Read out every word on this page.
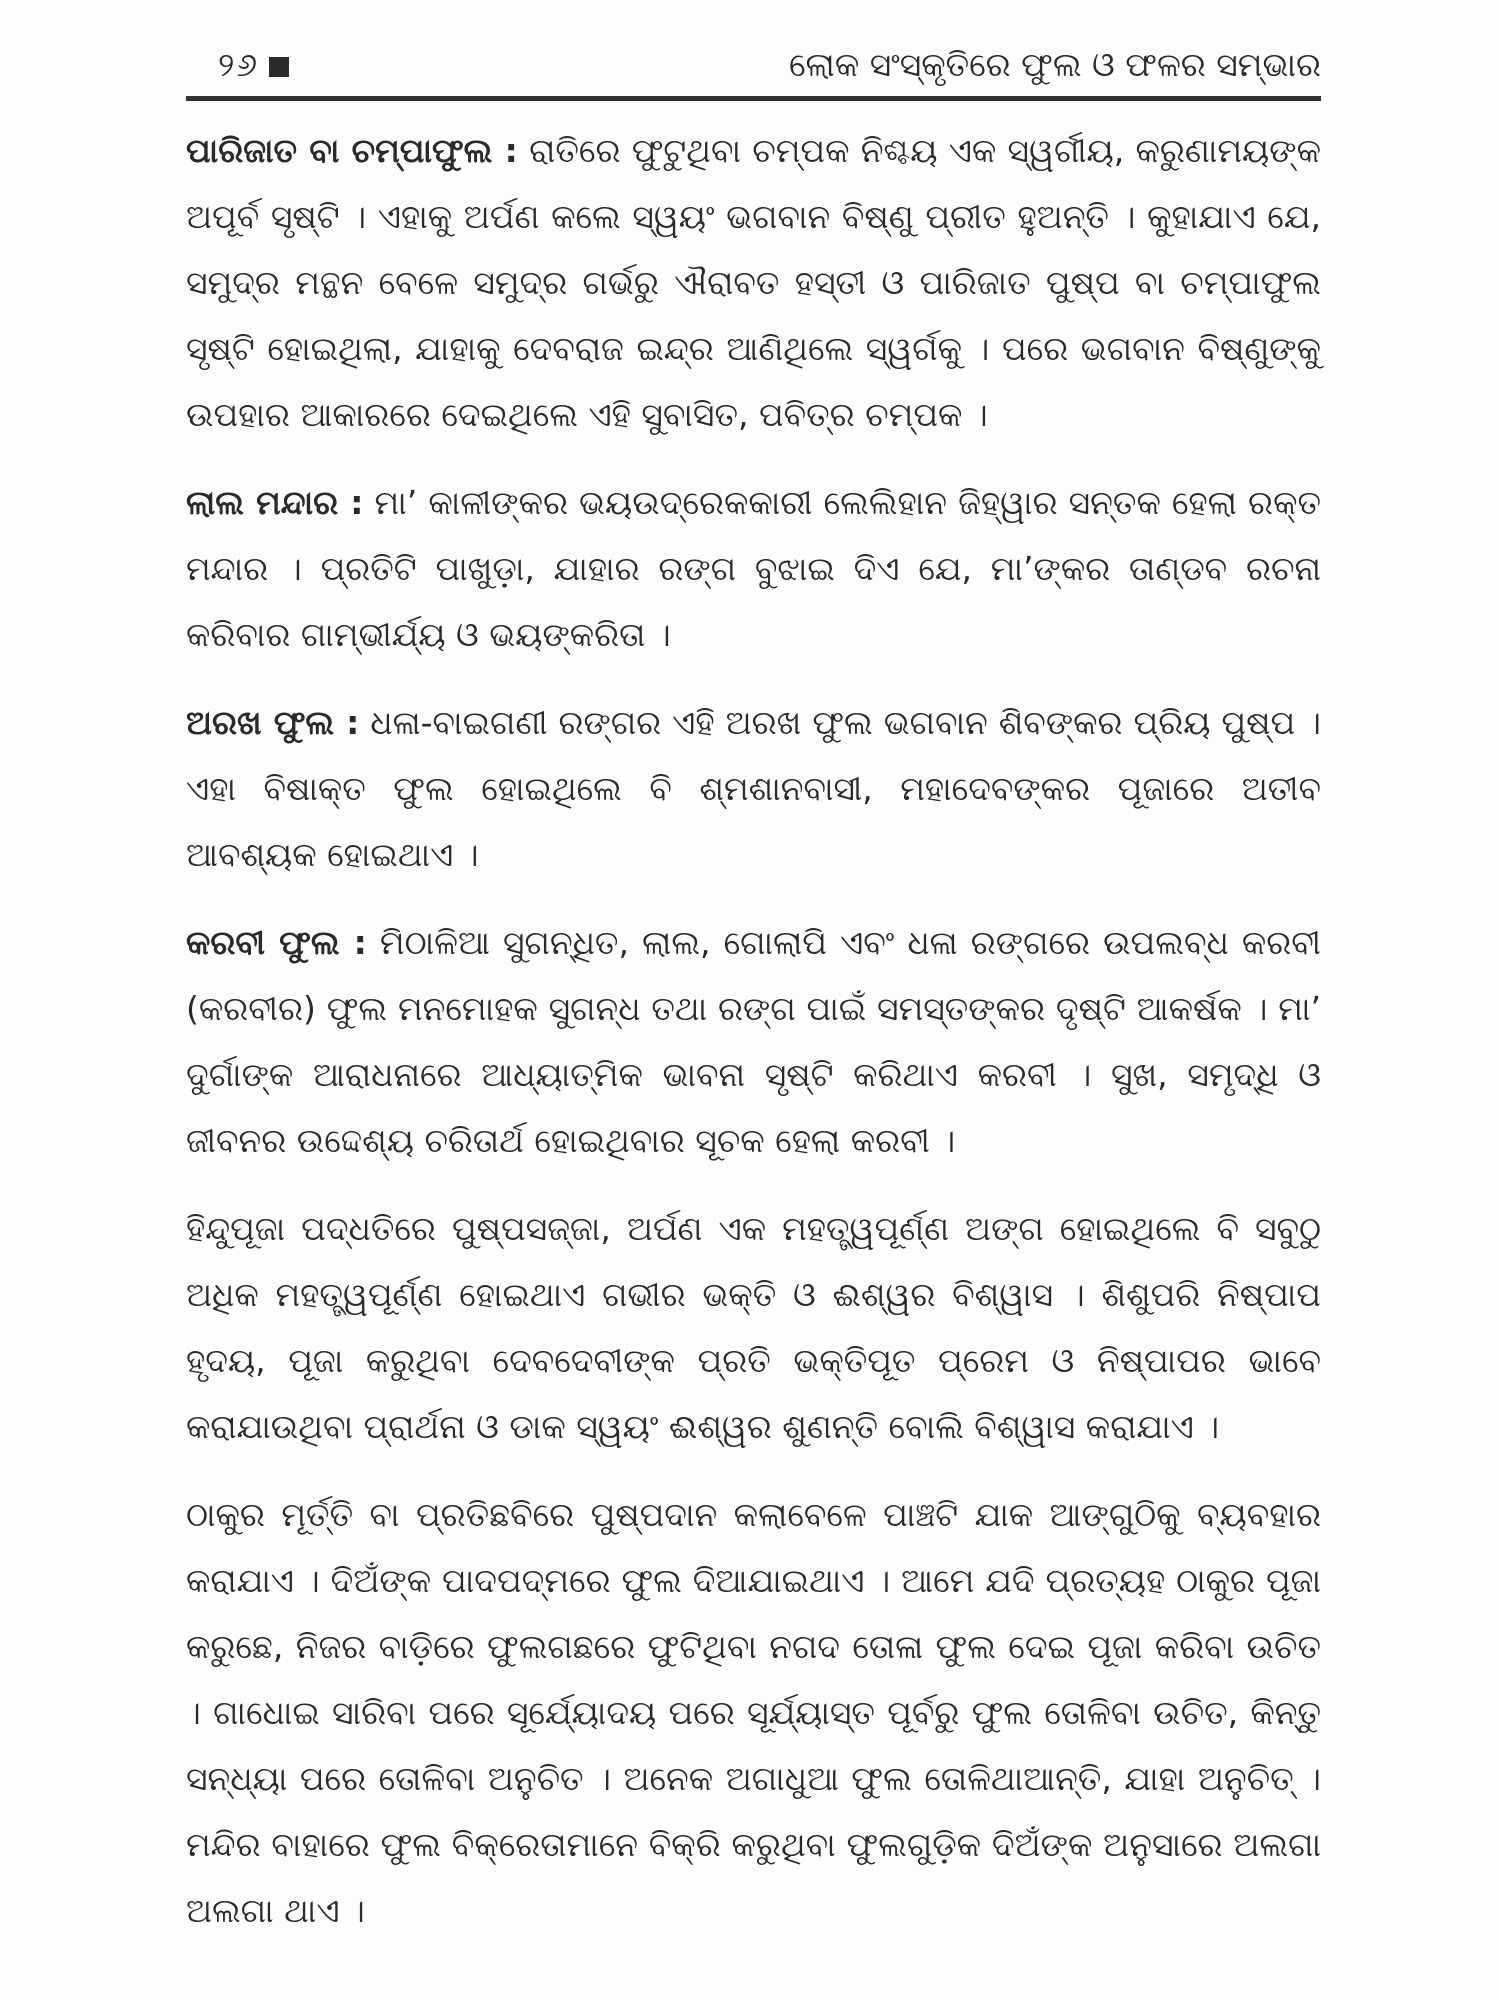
୨୬	ଲୋକ ସଂସ୍କୃତିରେ ଫୁଲ ଓ ଫଳର ସମ୍ଭାର

ପାରିଜାତ ବା ଚମ୍ପାଫୁଲ : ରାତିରେ ଫୁଟୁଥିବା ଚମ୍ପକ ନିଶ୍ଚୟ ଏକ ସ୍ୱର୍ଗୀୟ, କରୁଣାମୟଙ୍କ ଅପୂର୍ବ ସୃଷ୍ଟି । ଏହାକୁ ଅର୍ପଣ କଲେ ସ୍ୱୟଂ ଭଗବାନ ବିଷ୍ଣୁ ପ୍ରୀତ ହୁଅନ୍ତି । କୁହାଯାଏ ଯେ, ସମୁଦ୍ର ମନ୍ଥନ ବେଳେ ସମୁଦ୍ର ଗର୍ଭରୁ ଐରାବତ ହସ୍ତୀ ଓ ପାରିଜାତ ପୁଷ୍ପ ବା ଚମ୍ପାଫୁଲ ସୃଷ୍ଟି ହୋଇଥିଲା, ଯାହାକୁ ଦେବରାଜ ଇନ୍ଦ୍ର ଆଣିଥିଲେ ସ୍ୱର୍ଗକୁ । ପରେ ଭଗବାନ ବିଷ୍ଣୁଙ୍କୁ ଉପହାର ଆକାରରେ ଦେଇଥିଲେ ଏହି ସୁବାସିତ, ପବିତ୍ର ଚମ୍ପକ ।

ଲାଲ ମନ୍ଦାର : ମା’ କାଳୀଙ୍କର ଭୟଉଦ୍ରେକକାରୀ ଲେଲିହାନ ଜିହ୍ୱାର ସନ୍ତକ ହେଲା ରକ୍ତ ମନ୍ଦାର । ପ୍ରତିଟି ପାଖୁଡ଼ା, ଯାହାର ରଙ୍ଗ ବୁଝାଇ ଦିଏ ଯେ, ମା’ଙ୍କର ତାଣ୍ଡବ ରଚନା କରିବାର ଗାମ୍ଭୀର୍ଯ୍ୟ ଓ ଭୟଙ୍କରିତା ।

ଅରଖ ଫୁଲ : ଧଳା-ବାଇଗଣୀ ରଙ୍ଗର ଏହି ଅରଖ ଫୁଲ ଭଗବାନ ଶିବଙ୍କର ପ୍ରିୟ ପୁଷ୍ପ । ଏହା ବିଷାକ୍ତ ଫୁଲ ହୋଇଥିଲେ ବି ଶ୍ମଶାନବାସୀ, ମହାଦେବଙ୍କର ପୂଜାରେ ଅତୀବ ଆବଶ୍ୟକ ହୋଇଥାଏ ।

କରବୀ ଫୁଲ : ମିଠାଳିଆ ସୁଗନ୍ଧିତ, ଲାଲ, ଗୋଲାପି ଏବଂ ଧଳା ରଙ୍ଗରେ ଉପଲବ୍ଧ କରବୀ (କରବୀର) ଫୁଲ ମନମୋହକ ସୁଗନ୍ଧ ତଥା ରଙ୍ଗ ପାଇଁ ସମସ୍ତଙ୍କର ଦୃଷ୍ଟି ଆକର୍ଷକ । ମା’ ଦୁର୍ଗାଙ୍କ ଆରାଧନାରେ ଆଧ୍ୟାତ୍ମିକ ଭାବନା ସୃଷ୍ଟି କରିଥାଏ କରବୀ । ସୁଖ, ସମୃଦ୍ଧି ଓ ଜୀବନର ଉଦ୍ଦେଶ୍ୟ ଚରିତାର୍ଥ ହୋଇଥିବାର ସୂଚକ ହେଲା କରବୀ ।

ହିନ୍ଦୁପୂଜା ପଦ୍ଧତିରେ ପୁଷ୍ପସଜ୍ଜା, ଅର୍ପଣ ଏକ ମହତ୍ତ୍ୱପୂର୍ଣ୍ଣ ଅଙ୍ଗ ହୋଇଥିଲେ ବି ସବୁଠୁ ଅଧିକ ମହତ୍ତ୍ୱପୂର୍ଣ୍ଣ ହୋଇଥାଏ ଗଭୀର ଭକ୍ତି ଓ ଈଶ୍ୱର ବିଶ୍ୱାସ । ଶିଶୁପରି ନିଷ୍ପାପ ହୃଦୟ, ପୂଜା କରୁଥିବା ଦେବଦେବୀଙ୍କ ପ୍ରତି ଭକ୍ତିପୂତ ପ୍ରେମ ଓ ନିଷ୍ପାପର ଭାବେ କରାଯାଉଥିବା ପ୍ରାର୍ଥନା ଓ ଡାକ ସ୍ୱୟଂ ଈଶ୍ୱର ଶୁଣନ୍ତି ବୋଲି ବିଶ୍ୱାସ କରାଯାଏ ।

ଠାକୁର ମୂର୍ତ୍ତି ବା ପ୍ରତିଛବିରେ ପୁଷ୍ପଦାନ କଲାବେଳେ ପାଞ୍ଚଟି ଯାକ ଆଙ୍ଗୁଠିକୁ ବ୍ୟବହାର କରାଯାଏ । ଦିଅଁଙ୍କ ପାଦପଦ୍ମରେ ଫୁଲ ଦିଆଯାଇଥାଏ । ଆମେ ଯଦି ପ୍ରତ୍ୟହ ଠାକୁର ପୂଜା କରୁଛେ, ନିଜର ବାଡ଼ିରେ ଫୁଲଗଛରେ ଫୁଟିଥିବା ନଗଦ ତୋଳା ଫୁଲ ଦେଇ ପୂଜା କରିବା ଉଚିତ । ଗାଧୋଇ ସାରିବା ପରେ ସୂର୍ଯ୍ୟୋଦୟ ପରେ ସୂର୍ଯ୍ୟାସ୍ତ ପୂର୍ବରୁ ଫୁଲ ତୋଳିବା ଉଚିତ, କିନ୍ତୁ ସନ୍ଧ୍ୟା ପରେ ତୋଳିବା ଅନୁଚିତ । ଅନେକ ଅଗାଧୁଆ ଫୁଲ ତୋଳିଥାଆନ୍ତି, ଯାହା ଅନୁଚିତ୍ । ମନ୍ଦିର ବାହାରେ ଫୁଲ ବିକ୍ରେତାମାନେ ବିକ୍ରି କରୁଥିବା ଫୁଲଗୁଡ଼ିକ ଦିଅଁଙ୍କ ଅନୁସାରେ ଅଲଗା ଅଲଗା ଥାଏ ।
